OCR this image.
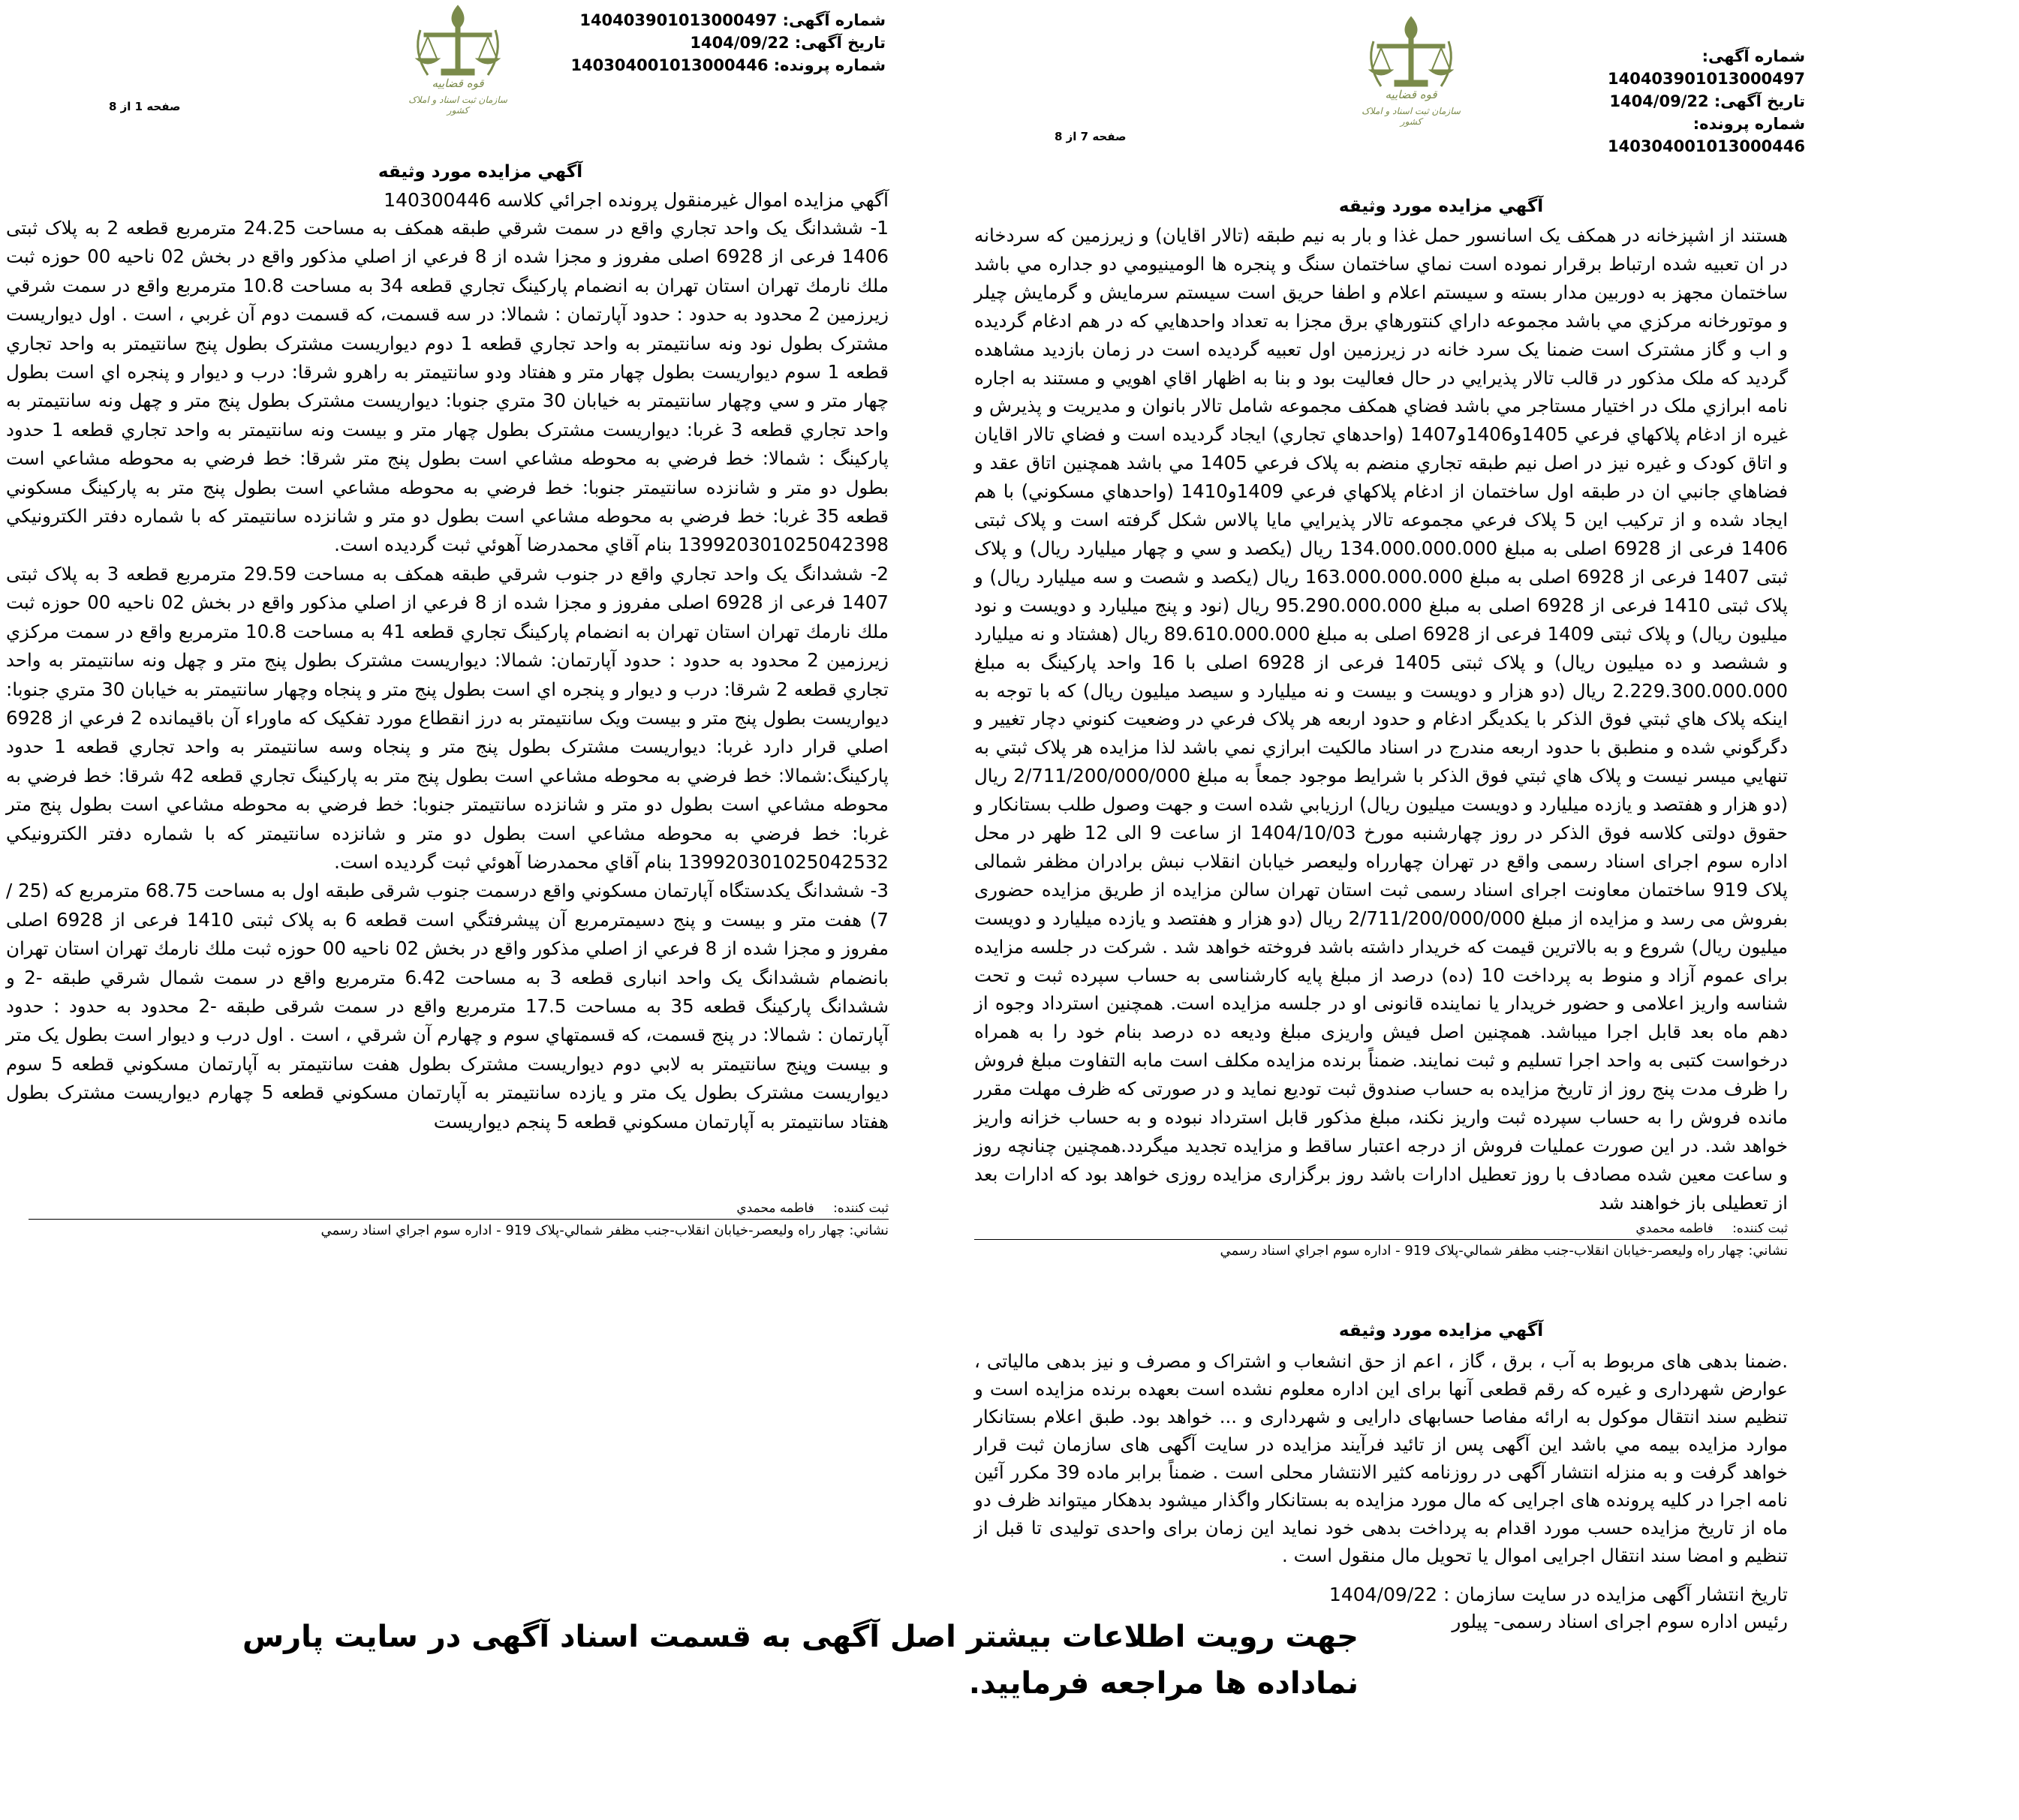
شماره آگهی: 140403901013000497
تاریخ آگهی: 1404/09/22
شماره پرونده: 140304001013000446
قوه قضاییه
سازمان ثبت اسناد و املاک کشور
صفحه 1 از 8
آگهي مزايده مورد وثيقه

آگهي مزايده اموال غيرمنقول پرونده اجرائي كلاسه 140300446

1- ششدانگ يک واحد تجاري واقع در سمت شرقي طبقه همكف به مساحت 24.25 مترمربع قطعه 2 به پلاک ثبتی 1406 فرعی از 6928 اصلی مفروز و مجزا شده از 8 فرعي از اصلي مذكور واقع در بخش 02 ناحيه 00 حوزه ثبت ملك نارمك تهران استان تهران به انضمام پاركينگ تجاري قطعه 34 به مساحت 10.8 مترمربع واقع در سمت شرقي زيرزمين 2 محدود به حدود : حدود آپارتمان : شمالا: در سه قسمت، كه قسمت دوم آن غربي ، است . اول ديواريست مشترک بطول نود ونه سانتيمتر به واحد تجاري قطعه 1 دوم ديواريست مشترک بطول پنج سانتيمتر به واحد تجاري قطعه 1 سوم ديواريست بطول چهار متر و هفتاد ودو سانتيمتر به راهرو شرقا: درب و ديوار و پنجره اي است بطول چهار متر و سي وچهار سانتيمتر به خيابان 30 متري جنوبا: ديواريست مشترک بطول پنج متر و چهل ونه سانتيمتر به واحد تجاري قطعه 3 غربا: ديواريست مشترک بطول چهار متر و بيست ونه سانتيمتر به واحد تجاري قطعه 1 حدود پاركينگ : شمالا: خط فرضي به محوطه مشاعي است بطول پنج متر شرقا: خط فرضي به محوطه مشاعي است بطول دو متر و شانزده سانتيمتر جنوبا: خط فرضي به محوطه مشاعي است بطول پنج متر به پاركينگ مسكوني قطعه 35 غربا: خط فرضي به محوطه مشاعي است بطول دو متر و شانزده سانتيمتر كه با شماره دفتر الكترونيكي 139920301025042398 بنام آقاي محمدرضا آهوئي ثبت گرديده است.

2- ششدانگ يک واحد تجاري واقع در جنوب شرقي طبقه همكف به مساحت 29.59 مترمربع قطعه 3 به پلاک ثبتی 1407 فرعی از 6928 اصلی مفروز و مجزا شده از 8 فرعي از اصلي مذكور واقع در بخش 02 ناحيه 00 حوزه ثبت ملك نارمك تهران استان تهران به انضمام پاركينگ تجاري قطعه 41 به مساحت 10.8 مترمربع واقع در سمت مركزي زيرزمين 2 محدود به حدود : حدود آپارتمان: شمالا: ديواريست مشترک بطول پنج متر و چهل ونه سانتيمتر به واحد تجاري قطعه 2 شرقا: درب و ديوار و پنجره اي است بطول پنج متر و پنجاه وچهار سانتيمتر به خيابان 30 متري جنوبا: ديواريست بطول پنج متر و بيست ويک سانتيمتر به درز انقطاع مورد تفكيک كه ماوراء آن باقيمانده 2 فرعي از 6928 اصلي قرار دارد غربا: ديواريست مشترک بطول پنج متر و پنجاه وسه سانتيمتر به واحد تجاري قطعه 1 حدود پاركينگ:شمالا: خط فرضي به محوطه مشاعي است بطول پنج متر به پاركينگ تجاري قطعه 42 شرقا: خط فرضي به محوطه مشاعي است بطول دو متر و شانزده سانتيمتر جنوبا: خط فرضي به محوطه مشاعي است بطول پنج متر غربا: خط فرضي به محوطه مشاعي است بطول دو متر و شانزده سانتيمتر كه با شماره دفتر الكترونيكي 139920301025042532 بنام آقاي محمدرضا آهوئي ثبت گرديده است.

3- ششدانگ يكدستگاه آپارتمان مسكوني واقع درسمت جنوب شرقی طبقه اول به مساحت 68.75 مترمربع كه (25 / 7) هفت متر و بيست و پنج دسيمترمربع آن پيشرفتگي است قطعه 6 به پلاک ثبتی 1410 فرعی از 6928 اصلی مفروز و مجزا شده از 8 فرعي از اصلي مذكور واقع در بخش 02 ناحيه 00 حوزه ثبت ملك نارمك تهران استان تهران بانضمام ششدانگ يک واحد انباری قطعه 3 به مساحت 6.42 مترمربع واقع در سمت شمال شرقي طبقه -2 و ششدانگ پاركينگ قطعه 35 به مساحت 17.5 مترمربع واقع در سمت شرقی طبقه -2 محدود به حدود : حدود آپارتمان : شمالا: در پنج قسمت، كه قسمتهاي سوم و چهارم آن شرقي ، است . اول درب و ديوار است بطول يک متر و بيست وپنج سانتيمتر به لابي دوم ديواريست مشترک بطول هفت سانتيمتر به آپارتمان مسكوني قطعه 5 سوم ديواريست مشترک بطول يک متر و يازده سانتيمتر به آپارتمان مسكوني قطعه 5 چهارم ديواريست مشترک بطول هفتاد سانتيمتر به آپارتمان مسكوني قطعه 5 پنجم ديواريست

ثبت كننده: فاطمه محمدي
نشاني: چهار راه وليعصر-خيابان انقلاب-جنب مظفر شمالي-پلاک 919 - اداره سوم اجراي اسناد رسمي
شماره آگهی: 140403901013000497
تاریخ آگهی: 1404/09/22
شماره پرونده: 140304001013000446
قوه قضاییه
سازمان ثبت اسناد و املاک کشور
صفحه 7 از 8
آگهي مزايده مورد وثيقه

هستند از اشپزخانه در همكف يک اسانسور حمل غذا و بار به نيم طبقه (تالار اقايان) و زيرزمين كه سردخانه در ان تعبيه شده ارتباط برقرار نموده است نماي ساختمان سنگ و پنجره ها الومينيومي دو جداره مي باشد ساختمان مجهز به دوربين مدار بسته و سيستم اعلام و اطفا حريق است سيستم سرمايش و گرمايش چيلر و موتورخانه مركزي مي باشد مجموعه داراي كنتورهاي برق مجزا به تعداد واحدهايي كه در هم ادغام گرديده و اب و گاز مشترک است ضمنا يک سرد خانه در زيرزمين اول تعبيه گرديده است در زمان بازديد مشاهده گرديد كه ملک مذكور در قالب تالار پذيرايي در حال فعاليت بود و بنا به اظهار اقاي اهويي و مستند به اجاره نامه ابرازي ملک در اختيار مستاجر مي باشد فضاي همكف مجموعه شامل تالار بانوان و مديريت و پذيرش و غيره از ادغام پلاكهاي فرعي 1405و1406و1407 (واحدهاي تجاري) ايجاد گرديده است و فضاي تالار اقايان و اتاق كودک و غيره نيز در اصل نيم طبقه تجاري منضم به پلاک فرعي 1405 مي باشد همچنين اتاق عقد و فضاهاي جانبي ان در طبقه اول ساختمان از ادغام پلاكهاي فرعي 1409و1410 (واحدهاي مسكوني) با هم ايجاد شده و از تركيب اين 5 پلاک فرعي مجموعه تالار پذيرايي مايا پالاس شكل گرفته است و پلاک ثبتی 1406 فرعی از 6928 اصلی به مبلغ 134.000.000.000 ريال (يكصد و سي و چهار ميليارد ريال) و پلاک ثبتی 1407 فرعی از 6928 اصلی به مبلغ 163.000.000.000 ريال (يكصد و شصت و سه ميليارد ريال) و پلاک ثبتی 1410 فرعی از 6928 اصلی به مبلغ 95.290.000.000 ريال (نود و پنج ميليارد و دويست و نود ميليون ريال) و پلاک ثبتی 1409 فرعی از 6928 اصلی به مبلغ 89.610.000.000 ريال (هشتاد و نه ميليارد و ششصد و ده ميليون ريال) و پلاک ثبتی 1405 فرعی از 6928 اصلی با 16 واحد پاركينگ به مبلغ 2.229.300.000.000 ريال (دو هزار و دويست و بيست و نه ميليارد و سيصد ميليون ريال) كه با توجه به اينكه پلاک هاي ثبتي فوق الذكر با يكديگر ادغام و حدود اربعه هر پلاک فرعي در وضعيت كنوني دچار تغيير و دگرگوني شده و منطبق با حدود اربعه مندرج در اسناد مالكيت ابرازي نمي باشد لذا مزايده هر پلاک ثبتي به تنهايي ميسر نيست و پلاک هاي ثبتي فوق الذكر با شرايط موجود جمعاً به مبلغ 2/711/200/000/000 ريال (دو هزار و هفتصد و يازده ميليارد و دويست ميليون ريال) ارزيابي شده است و جهت وصول طلب بستانكار و حقوق دولتی كلاسه فوق الذكر در روز چهارشنبه مورخ 1404/10/03 از ساعت 9 الی 12 ظهر در محل اداره سوم اجرای اسناد رسمی واقع در تهران چهارراه وليعصر خيابان انقلاب نبش برادران مظفر شمالی پلاک 919 ساختمان معاونت اجرای اسناد رسمی ثبت استان تهران سالن مزايده از طريق مزايده حضوری بفروش می رسد و مزايده از مبلغ 2/711/200/000/000 ريال (دو هزار و هفتصد و يازده ميليارد و دويست ميليون ريال) شروع و به بالاترين قيمت كه خريدار داشته باشد فروخته خواهد شد . شركت در جلسه مزايده برای عموم آزاد و منوط به پرداخت 10 (ده) درصد از مبلغ پايه كارشناسی به حساب سپرده ثبت و تحت شناسه واريز اعلامی و حضور خريدار يا نماينده قانونی او در جلسه مزايده است. همچنين استرداد وجوه از دهم ماه بعد قابل اجرا ميباشد. همچنين اصل فيش واريزی مبلغ وديعه ده درصد بنام خود را به همراه درخواست كتبی به واحد اجرا تسليم و ثبت نمايند. ضمناً برنده مزايده مكلف است مابه التفاوت مبلغ فروش را ظرف مدت پنج روز از تاريخ مزايده به حساب صندوق ثبت توديع نمايد و در صورتی كه ظرف مهلت مقرر مانده فروش را به حساب سپرده ثبت واريز نكند، مبلغ مذكور قابل استرداد نبوده و به حساب خزانه واريز خواهد شد. در اين صورت عمليات فروش از درجه اعتبار ساقط و مزايده تجديد ميگردد.همچنين چنانچه روز و ساعت معين شده مصادف با روز تعطيل ادارات باشد روز برگزاری مزايده روزی خواهد بود كه ادارات بعد از تعطيلی باز خواهند شد

ثبت كننده: فاطمه محمدي
نشاني: چهار راه وليعصر-خيابان انقلاب-جنب مظفر شمالي-پلاک 919 - اداره سوم اجراي اسناد رسمي
آگهي مزايده مورد وثيقه

.ضمنا بدهی های مربوط به آب ، برق ، گاز ، اعم از حق انشعاب و اشتراک و مصرف و نيز بدهی مالياتی ، عوارض شهرداری و غيره كه رقم قطعی آنها برای اين اداره معلوم نشده است بعهده برنده مزايده است و تنظيم سند انتقال موكول به ارائه مفاصا حسابهای دارايی و شهرداری و ... خواهد بود. طبق اعلام بستانكار موارد مزايده بيمه مي باشد اين آگهی پس از تائيد فرآيند مزايده در سايت آگهی های سازمان ثبت قرار خواهد گرفت و به منزله انتشار آگهی در روزنامه كثير الانتشار محلی است . ضمناً برابر ماده 39 مكرر آئين نامه اجرا در كليه پرونده های اجرايی كه مال مورد مزايده به بستانكار واگذار ميشود بدهكار ميتواند ظرف دو ماه از تاريخ مزايده حسب مورد اقدام به پرداخت بدهی خود نمايد اين زمان برای واحدی توليدی تا قبل از تنظيم و امضا سند انتقال اجرايی اموال يا تحويل مال منقول است .

تاريخ انتشار آگهی مزايده در سايت سازمان : 1404/09/22
رئيس اداره سوم اجرای اسناد رسمی- پيلور
جهت رویت اطلاعات بیشتر اصل آگهی به قسمت اسناد آگهی در سایت پارس نماداده ها مراجعه فرمایید.
